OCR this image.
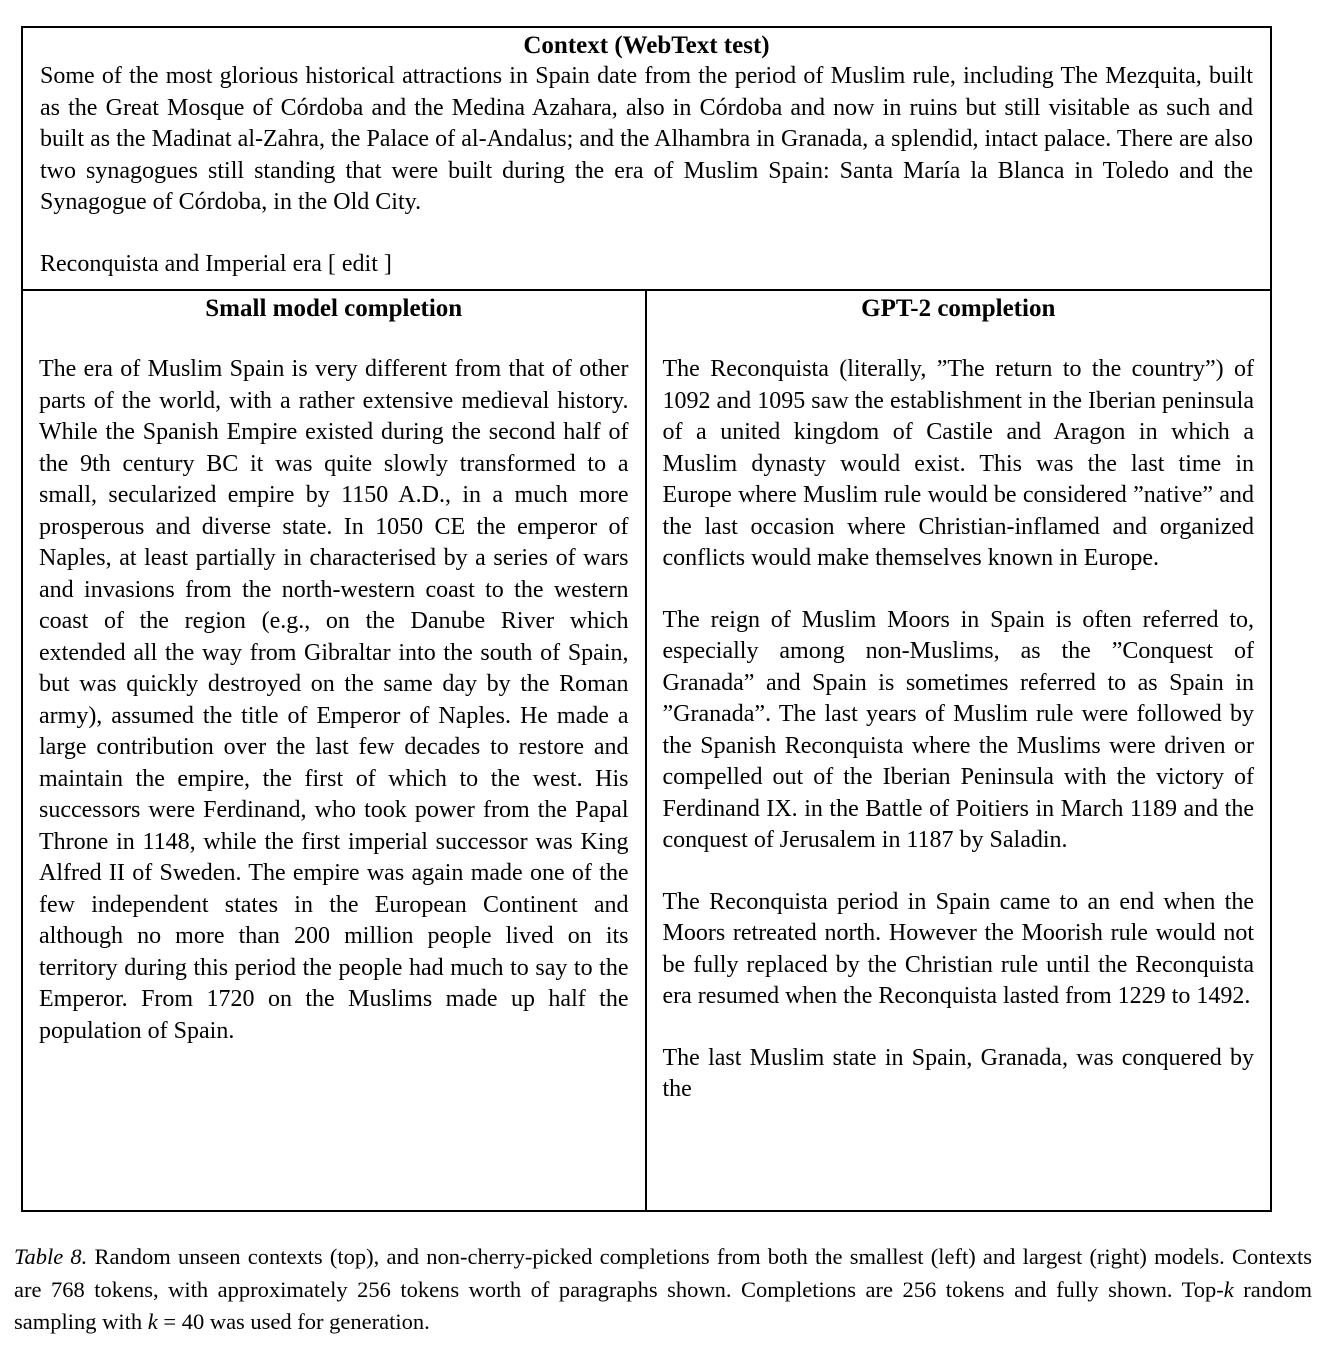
Context (WebText test)
Some of the most glorious historical attractions in Spain date from the period of Muslim rule, including The Mezquita, built as the Great Mosque of Córdoba and the Medina Azahara, also in Córdoba and now in ruins but still visitable as such and built as the Madinat al-Zahra, the Palace of al-Andalus; and the Alhambra in Granada, a splendid, intact palace. There are also two synagogues still standing that were built during the era of Muslim Spain: Santa María la Blanca in Toledo and the Synagogue of Córdoba, in the Old City.
Reconquista and Imperial era [ edit ]
Small model completion

The era of Muslim Spain is very different from that of other parts of the world, with a rather extensive medieval history. While the Spanish Empire existed during the second half of the 9th century BC it was quite slowly transformed to a small, secularized empire by 1150 A.D., in a much more prosperous and diverse state. In 1050 CE the emperor of Naples, at least partially in characterised by a series of wars and invasions from the north-western coast to the western coast of the region (e.g., on the Danube River which extended all the way from Gibraltar into the south of Spain, but was quickly destroyed on the same day by the Roman army), assumed the title of Emperor of Naples. He made a large contribution over the last few decades to restore and maintain the empire, the first of which to the west. His successors were Ferdinand, who took power from the Papal Throne in 1148, while the first imperial successor was King Alfred II of Sweden. The empire was again made one of the few independent states in the European Continent and although no more than 200 million people lived on its territory during this period the people had much to say to the Emperor. From 1720 on the Muslims made up half the population of Spain.

GPT-2 completion

The Reconquista (literally, ”The return to the country”) of 1092 and 1095 saw the establishment in the Iberian peninsula of a united kingdom of Castile and Aragon in which a Muslim dynasty would exist. This was the last time in Europe where Muslim rule would be considered ”native” and the last occasion where Christian-inflamed and organized conflicts would make themselves known in Europe.

The reign of Muslim Moors in Spain is often referred to, especially among non-Muslims, as the ”Conquest of Granada” and Spain is sometimes referred to as Spain in ”Granada”. The last years of Muslim rule were followed by the Spanish Reconquista where the Muslims were driven or compelled out of the Iberian Peninsula with the victory of Ferdinand IX. in the Battle of Poitiers in March 1189 and the conquest of Jerusalem in 1187 by Saladin.

The Reconquista period in Spain came to an end when the Moors retreated north. However the Moorish rule would not be fully replaced by the Christian rule until the Reconquista era resumed when the Reconquista lasted from 1229 to 1492.

The last Muslim state in Spain, Granada, was conquered by the

Table 8. Random unseen contexts (top), and non-cherry-picked completions from both the smallest (left) and largest (right) models. Contexts are 768 tokens, with approximately 256 tokens worth of paragraphs shown. Completions are 256 tokens and fully shown. Top-k random sampling with k = 40 was used for generation.
